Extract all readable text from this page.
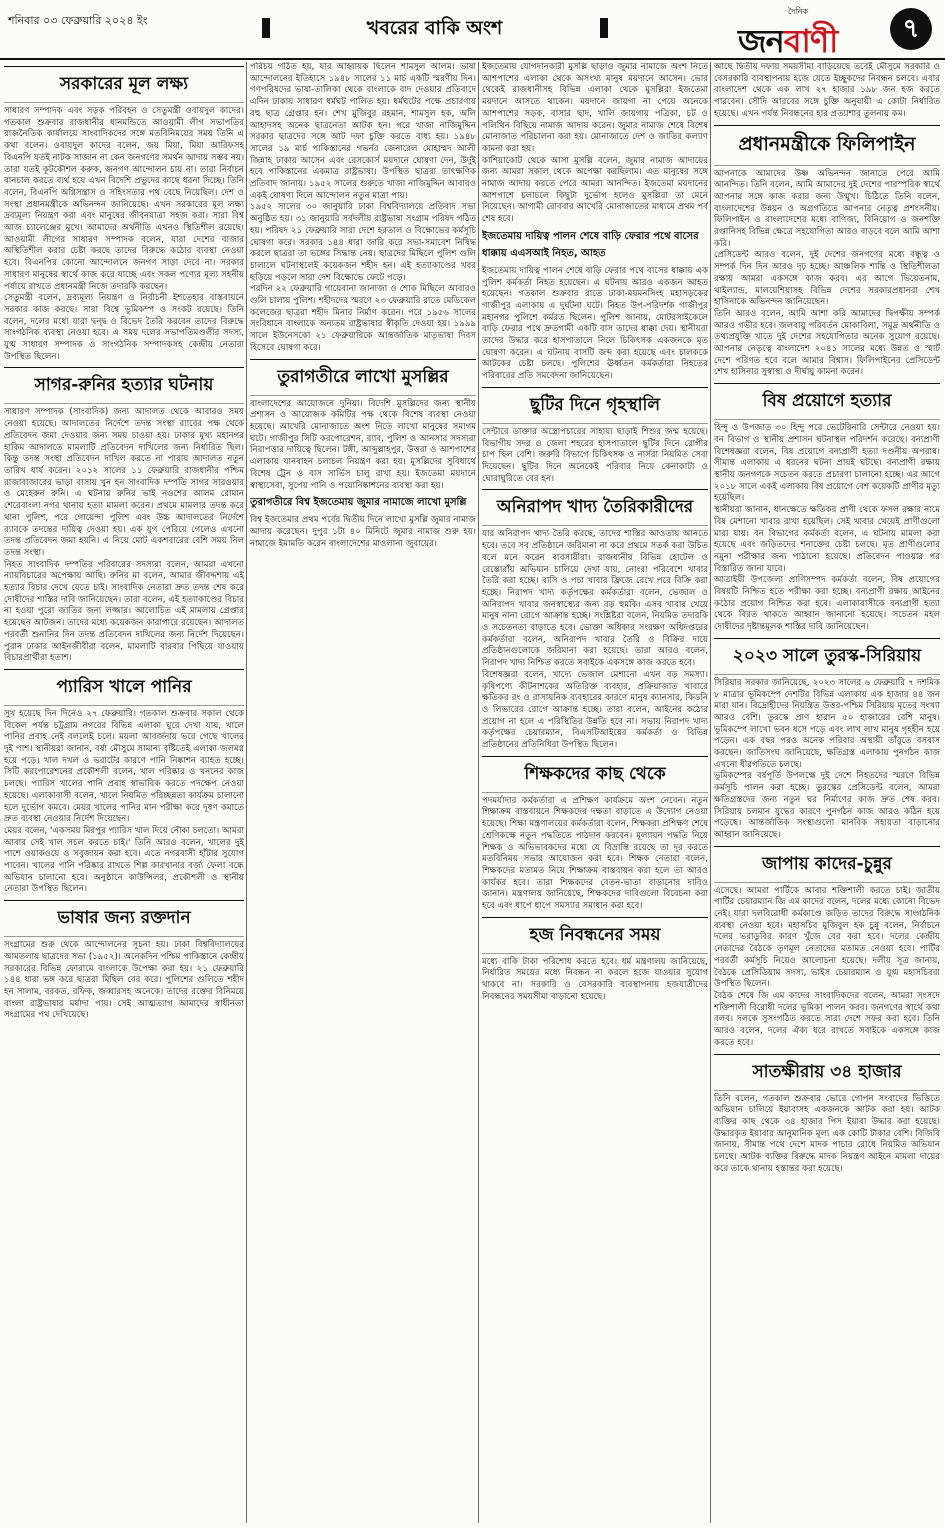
শনিবার ০৩ ফেব্রুয়ারি ২০২৪ ইং	খবরের বাকি অংশ
দৈনিক
জনবাণী	৭
সরকারের মূল লক্ষ্য

সাধারণ সম্পাদক এবং সড়ক পরিবহন ও সেতুমন্ত্রী ওবায়দুল কাদের। গতকাল শুক্রবার রাজধানীর ধানমন্ডিতে আওয়ামী লীগ সভাপতির রাজনৈতিক কার্যালয়ে সাংবাদিকদের সঙ্গে মতবিনিময়ের সময় তিনি এ কথা বলেন। ওবায়দুল কাদের বলেন, জয় মিয়া, মিয়া আরিফসহ বিএনপি যতই নাটক সাজান না কেন জনগণের সমর্থন আদায় সম্ভব নয়। তারা যতই কূটকৌশল করুক, জনগণ আন্দোলন চায় না। তারা নির্বাচন বানচাল করতে ব্যর্থ হয়ে এখন বিদেশি প্রভুদের কাছে ধরনা দিচ্ছে। তিনি বলেন, বিএনপি অগ্নিসন্ত্রাস ও সহিংসতার পথ বেছে নিয়েছিল। দেশ ও সংস্থা প্রধানমন্ত্রীকে অভিনন্দন জানিয়েছে। এখন সরকারের মূল লক্ষ্য দ্রব্যমূল্য নিয়ন্ত্রণ করা এবং মানুষের জীবনযাত্রা সহজ করা। সারা বিশ্ব আজ চ্যালেঞ্জের মুখে। আমাদের অর্থনীতি এখনও স্থিতিশীল রয়েছে। আওয়ামী লীগের সাধারণ সম্পাদক বলেন, যারা দেশের বাজার অস্থিতিশীল করার চেষ্টা করছে তাদের বিরুদ্ধে কঠোর ব্যবস্থা নেওয়া হবে। বিএনপির কোনো আন্দোলনে জনগণ সাড়া দেবে না। সরকার সাধারণ মানুষের স্বার্থে কাজ করে যাচ্ছে এবং সকল পণ্যের মূল্য সহনীয় পর্যায়ে রাখতে প্রধানমন্ত্রী নিজে তদারকি করছেন।

সেতুমন্ত্রী বলেন, দ্রব্যমূল্য নিয়ন্ত্রণ ও নির্বাচনী ইশতেহার বাস্তবায়নে সরকার কাজ করছে। সারা বিশ্বে ভূমিকম্প ও সংকট রয়েছে। তিনি বলেন, দলের মধ্যে যারা দ্বন্দ্ব ও বিভেদ তৈরি করবেন তাদের বিরুদ্ধে সাংগঠনিক ব্যবস্থা নেওয়া হবে। এ সময় দলের সভাপতিমণ্ডলীর সদস্য, যুগ্ম সাধারণ সম্পাদক ও সাংগঠনিক সম্পাদকসহ কেন্দ্রীয় নেতারা উপস্থিত ছিলেন।

সাগর-রুনির হত্যার ঘটনায়

সাধারণ সম্পাদক (সাংবাদিক) জন্য আদালত থেকে আবারও সময় নেওয়া হয়েছে। আদালতের নির্দেশে তদন্ত সংস্থা র‍্যাবের পক্ষ থেকে প্রতিবেদন জমা দেওয়ার জন্য সময় চাওয়া হয়। ঢাকার মুখ্য মহানগর হাকিম আদালতে মামলাটি প্রতিবেদন দাখিলের জন্য নির্ধারিত ছিল। কিন্তু তদন্ত সংস্থা প্রতিবেদন দাখিল করতে না পারায় আদালত নতুন তারিখ ধার্য করেন। ২০১২ সালের ১১ ফেব্রুয়ারি রাজধানীর পশ্চিম রাজাবাজারের ভাড়া বাসায় খুন হন সাংবাদিক দম্পতি সাগর সারওয়ার ও মেহেরুন রুনি। এ ঘটনায় রুনির ভাই নওশের আলম রোমান শেরেবাংলা নগর থানায় হত্যা মামলা করেন। প্রথমে মামলার তদন্ত করে থানা পুলিশ, পরে গোয়েন্দা পুলিশ এবং উচ্চ আদালতের নির্দেশে র‍্যাবকে তদন্তের দায়িত্ব দেওয়া হয়। এক যুগ পেরিয়ে গেলেও এখনো তদন্ত প্রতিবেদন জমা হয়নি। এ নিয়ে মোট একশবারের বেশি সময় নিল তদন্ত সংস্থা।

নিহত সাংবাদিক দম্পতির পরিবারের সদস্যরা বলেন, আমরা এখনো ন্যায়বিচারের অপেক্ষায় আছি। রুনির মা বলেন, আমার জীবদ্দশায় এই হত্যার বিচার দেখে যেতে চাই। সাংবাদিক নেতারা দ্রুত তদন্ত শেষ করে দোষীদের শাস্তির দাবি জানিয়েছেন। তারা বলেন, এই হত্যাকাণ্ডের বিচার না হওয়া পুরো জাতির জন্য লজ্জার। আলোচিত এই মামলায় গ্রেপ্তার হয়েছেন আটজন। তাদের মধ্যে কয়েকজন কারাগারে রয়েছেন। আদালত পরবর্তী শুনানির দিন তদন্ত প্রতিবেদন দাখিলের জন্য নির্দেশ দিয়েছেন। পুরান ঢাকার আইনজীবীরা বলেন, মামলাটি বারবার পিছিয়ে যাওয়ায় বিচারপ্রার্থীরা হতাশ।

প্যারিস খালে পানির

সুখ হয়েছে দিন দিনেও ২৭ ফেব্রুয়ারি। গতকাল শুক্রবার সকাল থেকে বিকেল পর্যন্ত চট্টগ্রাম নগরের বিভিন্ন এলাকা ঘুরে দেখা যায়, খালে পানির প্রবাহ নেই বললেই চলে। ময়লা আবর্জনায় ভরে গেছে খালের দুই পাশ। স্থানীয়রা জানান, বর্ষা মৌসুমে সামান্য বৃষ্টিতেই এলাকা জলমগ্ন হয়ে পড়ে। খাল দখল ও ভরাটের কারণে পানি নিষ্কাশন ব্যাহত হচ্ছে। সিটি করপোরেশনের প্রকৌশলী বলেন, খাল পরিষ্কার ও খননের কাজ চলছে। প্যারিস খালের পানি প্রবাহ স্বাভাবিক করতে পদক্ষেপ নেওয়া হয়েছে। এলাকাবাসী বলেন, খালে নিয়মিত পরিচ্ছন্নতা কার্যক্রম চালানো হলে দুর্ভোগ কমবে। মেয়র খালের পানির মান পরীক্ষা করে দূষণ কমাতে দ্রুত ব্যবস্থা নেওয়ার নির্দেশ দিয়েছেন।

মেয়র বলেন, 'একসময় মিরপুর প্যারিস খাল দিয়ে নৌকা চলতো। আমরা আবার সেই খাল সচল করতে চাই।' তিনি আরও বলেন, খালের দুই পাশে ওয়াকওয়ে ও সবুজায়ন করা হবে। এতে নগরবাসী হাঁটার সুযোগ পাবেন। খালের পানি পরিষ্কার রাখতে শিল্প কারখানার বর্জ্য ফেলা বন্ধে অভিযান চালানো হবে। অনুষ্ঠানে কাউন্সিলর, প্রকৌশলী ও স্থানীয় নেতারা উপস্থিত ছিলেন।

ভাষার জন্য রক্তদান

সংগ্রামের শুরু থেকে আন্দোলনের সূচনা হয়। ঢাকা বিশ্ববিদ্যালয়ের আমতলায় ছাত্রদের সভা (১৯৫২)। অনেকদিন পশ্চিম পাকিস্তানে কেন্দ্রীয় সরকারের বিভিন্ন ফোরামে বাংলাকে উপেক্ষা করা হয়। ২১ ফেব্রুয়ারি ১৪৪ ধারা ভঙ্গ করে ছাত্ররা মিছিল বের করে। পুলিশের গুলিতে শহীদ হন সালাম, বরকত, রফিক, জব্বারসহ অনেকে। তাদের রক্তের বিনিময়ে বাংলা রাষ্ট্রভাষার মর্যাদা পায়। সেই আত্মত্যাগ আমাদের স্বাধীনতা সংগ্রামের পথ দেখিয়েছে।

পরিচয় গঠিত হয়, যার আহ্বায়ক ছিলেন শামসুল আলম। ভাষা আন্দোলনের ইতিহাসে ১৯৪৮ সালের ১১ মার্চ একটি স্মরণীয় দিন। গণপরিষদের ভাষা-তালিকা থেকে বাংলাকে বাদ দেওয়ার প্রতিবাদে এদিন ঢাকায় সাধারণ ধর্মঘট পালিত হয়। ধর্মঘটের পক্ষে প্রচারণায় বহু ছাত্র গ্রেপ্তার হন। শেখ মুজিবুর রহমান, শামসুল হক, অলি আহাদসহ অনেক ছাত্রনেতা আটক হন। পরে খাজা নাজিমুদ্দিন সরকার ছাত্রদের সঙ্গে আট দফা চুক্তি করতে বাধ্য হয়। ১৯৪৮ সালের ১৯ মার্চ পাকিস্তানের গভর্নর জেনারেল মোহাম্মদ আলী জিন্নাহ ঢাকায় আসেন এবং রেসকোর্স ময়দানে ঘোষণা দেন, উর্দুই হবে পাকিস্তানের একমাত্র রাষ্ট্রভাষা। উপস্থিত ছাত্ররা তাৎক্ষণিক প্রতিবাদ জানায়। ১৯৫২ সালের শুরুতে খাজা নাজিমুদ্দিন আবারও একই ঘোষণা দিলে আন্দোলন নতুন মাত্রা পায়।

১৯৫২ সালের ৩০ জানুয়ারি ঢাকা বিশ্ববিদ্যালয়ে প্রতিবাদ সভা অনুষ্ঠিত হয়। ৩১ জানুয়ারি সর্বদলীয় রাষ্ট্রভাষা সংগ্রাম পরিষদ গঠিত হয়। পরিষদ ২১ ফেব্রুয়ারি সারা দেশে হরতাল ও বিক্ষোভের কর্মসূচি ঘোষণা করে। সরকার ১৪৪ ধারা জারি করে সভা-সমাবেশ নিষিদ্ধ করলে ছাত্ররা তা ভঙ্গের সিদ্ধান্ত নেয়। ছাত্রদের মিছিলে পুলিশ গুলি চালালে ঘটনাস্থলেই কয়েকজন শহীদ হন। এই হত্যাকাণ্ডের খবর ছড়িয়ে পড়লে সারা দেশ বিক্ষোভে ফেটে পড়ে।

পরদিন ২২ ফেব্রুয়ারি গায়েবানা জানাজা ও শোক মিছিলে আবারও গুলি চালায় পুলিশ। শহীদদের স্মরণে ২৩ ফেব্রুয়ারি রাতে মেডিকেল কলেজের ছাত্ররা শহীদ মিনার নির্মাণ করেন। পরে ১৯৫৬ সালের সংবিধানে বাংলাকে অন্যতম রাষ্ট্রভাষার স্বীকৃতি দেওয়া হয়। ১৯৯৯ সালে ইউনেসকো ২১ ফেব্রুয়ারিকে আন্তর্জাতিক মাতৃভাষা দিবস হিসেবে ঘোষণা করে।

তুরাগতীরে লাখো মুসল্লির

বাংলাদেশের আয়োজনে দুনিয়া। বিদেশি মুসল্লিদের জন্য স্থানীয় প্রশাসন ও আয়োজক কমিটির পক্ষ থেকে বিশেষ ব্যবস্থা নেওয়া হয়েছে। আখেরি মোনাজাতে অংশ নিতে লাখো মানুষের সমাগম ঘটে। গাজীপুর সিটি করপোরেশন, র‍্যাব, পুলিশ ও আনসার সদস্যরা নিরাপত্তার দায়িত্বে ছিলেন। টঙ্গী, আব্দুল্লাহপুর, উত্তরা ও আশপাশের এলাকায় যানবাহন চলাচল নিয়ন্ত্রণ করা হয়। মুসল্লিদের সুবিধার্থে বিশেষ ট্রেন ও বাস সার্ভিস চালু রাখা হয়। ইজতেমা ময়দানে স্বাস্থ্যসেবা, সুপেয় পানি ও পয়োনিষ্কাশনের ব্যবস্থা করা হয়।

তুরাগতীরে বিশ্ব ইজতেমায় জুমার নামাজে লাখো মুসল্লি

বিশ্ব ইজতেমার প্রথম পর্বের দ্বিতীয় দিনে লাখো মুসল্লি জুমার নামাজ আদায় করেছেন। দুপুর ১টা ৪০ মিনিটে জুমার নামাজ শুরু হয়। নামাজে ইমামতি করেন বাংলাদেশের মাওলানা জুবায়ের।

ইজতেমায় যোগদানকারী মুসল্লি ছাড়াও জুমার নামাজে অংশ নিতে আশপাশের এলাকা থেকে অসংখ্য মানুষ ময়দানে আসেন। ভোর থেকেই রাজধানীসহ বিভিন্ন এলাকা থেকে মুসল্লিরা ইজতেমা ময়দানে আসতে থাকেন। ময়দানে জায়গা না পেয়ে অনেকে আশপাশের সড়ক, বাসার ছাদ, খালি জায়গায় পত্রিকা, চট ও পলিথিন বিছিয়ে নামাজ আদায় করেন। জুমার নামাজ শেষে বিশেষ মোনাজাত পরিচালনা করা হয়। মোনাজাতে দেশ ও জাতির কল্যাণ কামনা করা হয়।

কাশিয়াকোট থেকে আসা মুসল্লি বলেন, জুমার নামাজ আদায়ের জন্য আমরা সকাল থেকে অপেক্ষা করছিলাম। এত মানুষের সঙ্গে নামাজ আদায় করতে পেরে আমরা আনন্দিত। ইজতেমা ময়দানের আশপাশে চলাচলে কিছুটা দুর্ভোগ হলেও মুসল্লিরা তা মেনে নিয়েছেন। আগামী রোববার আখেরি মোনাজাতের মাধ্যমে প্রথম পর্ব শেষ হবে।

ইজতেমায় দায়িত্ব পালন শেষে বাড়ি ফেরার পথে বাসের ধাক্কায় এএসআই নিহত, আহত

ইজতেমায় দায়িত্ব পালন শেষে বাড়ি ফেরার পথে বাসের ধাক্কায় এক পুলিশ কর্মকর্তা নিহত হয়েছেন। এ ঘটনায় আরও একজন আহত হয়েছেন। গতকাল শুক্রবার রাতে ঢাকা-ময়মনসিংহ মহাসড়কের গাজীপুর এলাকায় এ দুর্ঘটনা ঘটে। নিহত উপ-পরিদর্শক গাজীপুর মহানগর পুলিশে কর্মরত ছিলেন। পুলিশ জানায়, মোটরসাইকেলে বাড়ি ফেরার পথে দ্রুতগামী একটি বাস তাদের ধাক্কা দেয়। স্থানীয়রা তাদের উদ্ধার করে হাসপাতালে নিলে চিকিৎসক একজনকে মৃত ঘোষণা করেন। এ ঘটনায় বাসটি জব্দ করা হয়েছে এবং চালককে আটকের চেষ্টা চলছে। পুলিশের ঊর্ধ্বতন কর্মকর্তারা নিহতের পরিবারের প্রতি সমবেদনা জানিয়েছেন।

ছুটির দিনে গৃহস্থালি

সেন্টারে ডাক্তার অস্ত্রোপচারের সাহায্য ছাড়াই শিশুর জন্ম হয়েছে। বিভাগীয় সদর ও জেলা শহরের হাসপাতালে ছুটির দিনে রোগীর চাপ ছিল বেশি। জরুরি বিভাগে চিকিৎসক ও নার্সরা নিয়মিত সেবা দিয়েছেন। ছুটির দিনে অনেকেই পরিবার নিয়ে কেনাকাটা ও ঘোরাঘুরিতে বের হন।

অনিরাপদ খাদ্য তৈরিকারীদের

যার অনিরাপদ খাদ্য তৈরি করছে, তাদের শাস্তির আওতায় আনতে হবে। তবে সব প্রতিষ্ঠানে জরিমানা না করে প্রথমে সতর্ক করা উচিত বলে মনে করেন ব্যবসায়ীরা। রাজধানীর বিভিন্ন হোটেল ও রেস্তোরাঁয় অভিযান চালিয়ে দেখা যায়, নোংরা পরিবেশে খাবার তৈরি করা হচ্ছে। বাসি ও পচা খাবার ফ্রিজে রেখে পরে বিক্রি করা হচ্ছে। নিরাপদ খাদ্য কর্তৃপক্ষের কর্মকর্তারা বলেন, ভেজাল ও অনিরাপদ খাবার জনস্বাস্থ্যের জন্য বড় হুমকি। এসব খাবার খেয়ে মানুষ নানা রোগে আক্রান্ত হচ্ছে। সংশ্লিষ্টরা বলেন, নিয়মিত তদারকি ও সচেতনতা বাড়াতে হবে। ভোক্তা অধিকার সংরক্ষণ অধিদপ্তরের কর্মকর্তারা বলেন, অনিরাপদ খাবার তৈরি ও বিক্রির দায়ে প্রতিষ্ঠানগুলোকে জরিমানা করা হয়েছে। তারা আরও বলেন, নিরাপদ খাদ্য নিশ্চিত করতে সবাইকে একসঙ্গে কাজ করতে হবে।

বিশেষজ্ঞরা বলেন, খাদ্যে ভেজাল মেশানো এখন বড় সমস্যা। কৃষিপণ্যে কীটনাশকের অতিরিক্ত ব্যবহার, প্রক্রিয়াজাত খাবারে ক্ষতিকর রং ও রাসায়নিক ব্যবহারের কারণে মানুষ ক্যানসার, কিডনি ও লিভারের রোগে আক্রান্ত হচ্ছে। তারা বলেন, আইনের কঠোর প্রয়োগ না হলে এ পরিস্থিতির উন্নতি হবে না। সভায় নিরাপদ খাদ্য কর্তৃপক্ষের চেয়ারম্যান, বিএসটিআইয়ের কর্মকর্তা ও বিভিন্ন প্রতিষ্ঠানের প্রতিনিধিরা উপস্থিত ছিলেন।

শিক্ষকদের কাছ থেকে

পদমর্যাদার কর্মকর্তারা এ প্রশিক্ষণ কার্যক্রমে অংশ নেবেন। নতুন শিক্ষাক্রম বাস্তবায়নে শিক্ষকদের দক্ষতা বাড়াতে এ উদ্যোগ নেওয়া হয়েছে। শিক্ষা মন্ত্রণালয়ের কর্মকর্তারা বলেন, শিক্ষকরা প্রশিক্ষণ শেষে শ্রেণিকক্ষে নতুন পদ্ধতিতে পাঠদান করবেন। মূল্যায়ন পদ্ধতি নিয়ে শিক্ষক ও অভিভাবকদের মধ্যে যে বিভ্রান্তি রয়েছে তা দূর করতে মতবিনিময় সভার আয়োজন করা হবে। শিক্ষক নেতারা বলেন, শিক্ষকদের মতামত নিয়ে শিক্ষাক্রম বাস্তবায়ন করা হলে তা আরও কার্যকর হবে। তারা শিক্ষকদের বেতন-ভাতা বাড়ানোর দাবিও জানান। মন্ত্রণালয় জানিয়েছে, শিক্ষকদের দাবিগুলো বিবেচনা করা হবে এবং ধাপে ধাপে সমস্যার সমাধান করা হবে।

হজ নিবন্ধনের সময়

মধ্যে বাকি টাকা পরিশোধ করতে হবে। ধর্ম মন্ত্রণালয় জানিয়েছে, নির্ধারিত সময়ের মধ্যে নিবন্ধন না করলে হজে যাওয়ার সুযোগ থাকবে না। সরকারি ও বেসরকারি ব্যবস্থাপনায় হজযাত্রীদের নিবন্ধনের সময়সীমা বাড়ানো হয়েছে।

আছে দ্বিতীয় দফায় সময়সীমা বাড়িয়েছে তবেই মৌসুমে সরকারি ও বেসরকারি ব্যবস্থাপনায় হজে যেতে ইচ্ছুকদের নিবন্ধন চলবে। এবার বাংলাদেশ থেকে এক লাখ ২৭ হাজার ১৯৮ জন হজ করতে পারবেন। সৌদি আরবের সঙ্গে চুক্তি অনুযায়ী এ কোটা নির্ধারিত হয়েছে। এখন পর্যন্ত নিবন্ধনের হার প্রত্যাশার তুলনায় কম।

প্রধানমন্ত্রীকে ফিলিপাইন

আপনাকে আমাদের উষ্ণ অভিনন্দন জানাতে পেরে আমি আনন্দিত। তিনি বলেন, আমি আমাদের দুই দেশের পারস্পরিক স্বার্থে আপনার সঙ্গে কাজ করার জন্য উন্মুখ। চিঠিতে তিনি বলেন, বাংলাদেশের উন্নয়ন ও অগ্রগতিতে আপনার নেতৃত্ব প্রশংসনীয়। ফিলিপাইন ও বাংলাদেশের মধ্যে বাণিজ্য, বিনিয়োগ ও জনশক্তি রপ্তানিসহ বিভিন্ন ক্ষেত্রে সহযোগিতা আরও বাড়বে বলে আমি আশা করি।

প্রেসিডেন্ট আরও বলেন, দুই দেশের জনগণের মধ্যে বন্ধুত্ব ও সম্পর্ক দিন দিন আরও দৃঢ় হচ্ছে। আঞ্চলিক শান্তি ও স্থিতিশীলতা রক্ষায় আমরা একসঙ্গে কাজ করব। এর আগে ভিয়েতনাম, থাইল্যান্ড, মালয়েশিয়াসহ বিভিন্ন দেশের সরকারপ্রধানরা শেখ হাসিনাকে অভিনন্দন জানিয়েছেন।

তিনি আরও বলেন, আমি আশা করি আমাদের দ্বিপক্ষীয় সম্পর্ক আরও গভীর হবে। জলবায়ু পরিবর্তন মোকাবিলা, সমুদ্র অর্থনীতি ও তথ্যপ্রযুক্তি খাতে দুই দেশের সহযোগিতার অনেক সুযোগ রয়েছে। আপনার নেতৃত্বে বাংলাদেশ ২০৪১ সালের মধ্যে উন্নত ও স্মার্ট দেশে পরিণত হবে বলে আমার বিশ্বাস। ফিলিপাইনের প্রেসিডেন্ট শেখ হাসিনার সুস্বাস্থ্য ও দীর্ঘায়ু কামনা করেন।

বিষ প্রয়োগে হত্যার

হিন্দু ও উপজাত ৩০ হিন্দু পরে ভেটেরিনারি সেন্টারে নেওয়া হয়। বন বিভাগ ও স্থানীয় প্রশাসন ঘটনাস্থল পরিদর্শন করেছে। বন্যপ্রাণী বিশেষজ্ঞরা বলেন, বিষ প্রয়োগে বন্যপ্রাণী হত্যা দণ্ডনীয় অপরাধ। সীমান্ত এলাকায় এ ধরনের ঘটনা প্রায়ই ঘটছে। বন্যপ্রাণী রক্ষায় স্থানীয় জনগণকে সচেতন করতে প্রচারণা চালানো হচ্ছে। এর আগে ২০১৮ সালে একই এলাকায় বিষ প্রয়োগে বেশ কয়েকটি প্রাণীর মৃত্যু হয়েছিল।

স্থানীয়রা জানান, ধানক্ষেতে ক্ষতিকর প্রাণী থেকে ফসল রক্ষার নামে বিষ মেশানো খাবার রাখা হয়েছিল। সেই খাবার খেয়েই প্রাণীগুলো মারা যায়। বন বিভাগের কর্মকর্তা বলেন, এ ঘটনায় মামলা করা হয়েছে এবং জড়িতদের শনাক্তের চেষ্টা চলছে। মৃত প্রাণীগুলোর নমুনা পরীক্ষার জন্য পাঠানো হয়েছে। প্রতিবেদন পাওয়ার পর বিস্তারিত জানা যাবে।

আত্রাইয়ী উপজেলা প্রাণিসম্পদ কর্মকর্তা বলেন, বিষ প্রয়োগের বিষয়টি নিশ্চিত হতে পরীক্ষা করা হচ্ছে। বন্যপ্রাণী রক্ষায় আইনের কঠোর প্রয়োগ নিশ্চিত করা হবে। এলাকাবাসীকে বন্যপ্রাণী হত্যা থেকে বিরত থাকতে আহ্বান জানানো হয়েছে। সচেতন মহল দোষীদের দৃষ্টান্তমূলক শাস্তির দাবি জানিয়েছেন।

২০২৩ সালে তুরস্ক-সিরিয়ায়

সিরিয়ার সরকার জানিয়েছে, ২০২৩ সালের ৬ ফেব্রুয়ারি ৭ দশমিক ৮ মাত্রার ভূমিকম্পে দেশটির বিভিন্ন এলাকায় এক হাজার ৪৪ জন মারা যান। বিদ্রোহীদের নিয়ন্ত্রিত উত্তর-পশ্চিম সিরিয়ায় মৃতের সংখ্যা আরও বেশি। তুরস্কে প্রাণ হারান ৫০ হাজারের বেশি মানুষ। ভূমিকম্পে লাখো ভবন ধসে পড়ে এবং লাখ লাখ মানুষ গৃহহীন হয়ে পড়েন। এক বছর পরও অনেক পরিবার অস্থায়ী তাঁবুতে বসবাস করছেন। জাতিসংঘ জানিয়েছে, ক্ষতিগ্রস্ত এলাকায় পুনর্গঠন কাজ এখনো ধীরগতিতে চলছে।

ভূমিকম্পের বর্ষপূর্তি উপলক্ষে দুই দেশে নিহতদের স্মরণে বিভিন্ন কর্মসূচি পালন করা হচ্ছে। তুরস্কের প্রেসিডেন্ট বলেন, আমরা ক্ষতিগ্রস্তদের জন্য নতুন ঘর নির্মাণের কাজ দ্রুত শেষ করব। সিরিয়ায় চলমান যুদ্ধের কারণে পুনর্গঠন কাজ আরও কঠিন হয়ে পড়েছে। আন্তর্জাতিক সংস্থাগুলো মানবিক সহায়তা বাড়ানোর আহ্বান জানিয়েছে।

জাপায় কাদের-চুন্নুর

এসেছে। আমরা পার্টিকে আবার শক্তিশালী করতে চাই। জাতীয় পার্টির চেয়ারম্যান জি এম কাদের বলেন, দলের মধ্যে কোনো বিভেদ নেই। যারা দলবিরোধী কর্মকাণ্ডে জড়িত তাদের বিরুদ্ধে সাংগঠনিক ব্যবস্থা নেওয়া হবে। মহাসচিব মুজিবুল হক চুন্নু বলেন, নির্বাচনে দলের ভরাডুবির কারণ খুঁজে বের করা হবে। দলের কেন্দ্রীয় নেতাদের বৈঠকে তৃণমূল নেতাদের মতামত নেওয়া হবে। পার্টির পরবর্তী কর্মসূচি নিয়েও আলোচনা হয়েছে। দলীয় সূত্র জানায়, বৈঠকে প্রেসিডিয়াম সদস্য, ভাইস চেয়ারম্যান ও যুগ্ম মহাসচিবরা উপস্থিত ছিলেন।

বৈঠক শেষে জি এম কাদের সাংবাদিকদের বলেন, আমরা সংসদে শক্তিশালী বিরোধী দলের ভূমিকা পালন করব। জনগণের স্বার্থে কথা বলব। দলকে সুসংগঠিত করতে সারা দেশে সফর করা হবে। তিনি আরও বলেন, দলের ঐক্য ধরে রাখতে সবাইকে একসঙ্গে কাজ করতে হবে।

সাতক্ষীরায় ৩৪ হাজার

তিনি বলেন, গতকাল শুক্রবার ভোরে গোপন সংবাদের ভিত্তিতে অভিযান চালিয়ে ইয়াবাসহ একজনকে আটক করা হয়। আটক ব্যক্তির কাছ থেকে ৩৪ হাজার পিস ইয়াবা উদ্ধার করা হয়েছে। উদ্ধারকৃত ইয়াবার আনুমানিক মূল্য এক কোটি টাকার বেশি। বিজিবি জানায়, সীমান্ত পথে দেশে মাদক পাচার রোধে নিয়মিত অভিযান চলছে। আটক ব্যক্তির বিরুদ্ধে মাদক নিয়ন্ত্রণ আইনে মামলা দায়ের করে তাকে থানায় হস্তান্তর করা হয়েছে।
